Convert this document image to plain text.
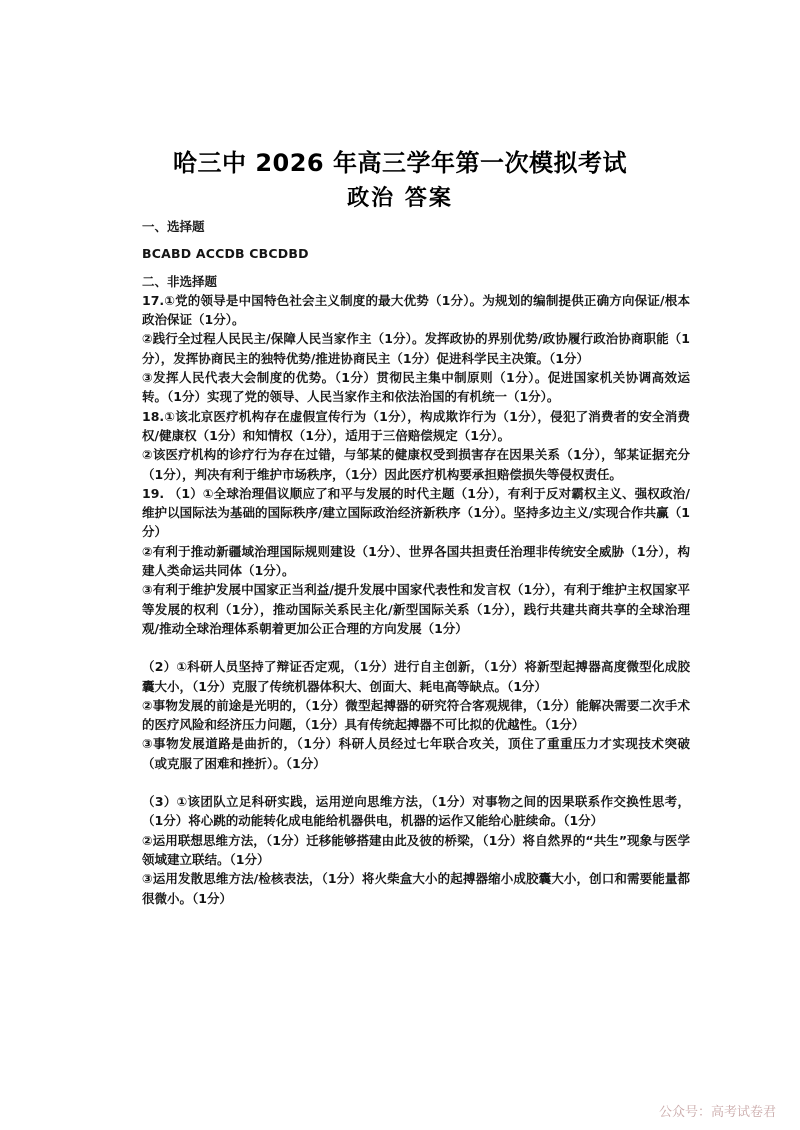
哈三中 2026 年高三学年第一次模拟考试
政治 答案

一、选择题

BCABD ACCDB CBCDBD

二、非选择题

17.①党的领导是中国特色社会主义制度的最大优势（1分）。为规划的编制提供正确方向保证/根本政治保证（1分）。

②践行全过程人民民主/保障人民当家作主（1分）。发挥政协的界别优势/政协履行政治协商职能（1分），发挥协商民主的独特优势/推进协商民主（1分）促进科学民主决策。（1分）

③发挥人民代表大会制度的优势。（1分）贯彻民主集中制原则（1分）。促进国家机关协调高效运转。（1分）实现了党的领导、人民当家作主和依法治国的有机统一（1分）。

18.①该北京医疗机构存在虚假宣传行为（1分），构成欺诈行为（1分），侵犯了消费者的安全消费权/健康权（1分）和知情权（1分），适用于三倍赔偿规定（1分）。

②该医疗机构的诊疗行为存在过错，与邹某的健康权受到损害存在因果关系（1分），邹某证据充分（1分），判决有利于维护市场秩序，（1分）因此医疗机构要承担赔偿损失等侵权责任。

19. （1）①全球治理倡议顺应了和平与发展的时代主题（1分），有利于反对霸权主义、强权政治/维护以国际法为基础的国际秩序/建立国际政治经济新秩序（1分）。坚持多边主义/实现合作共赢（1分）

②有利于推动新疆域治理国际规则建设（1分）、世界各国共担责任治理非传统安全威胁（1分），构建人类命运共同体（1分）。

③有利于维护发展中国家正当利益/提升发展中国家代表性和发言权（1分），有利于维护主权国家平等发展的权利（1分），推动国际关系民主化/新型国际关系（1分），践行共建共商共享的全球治理观/推动全球治理体系朝着更加公正合理的方向发展（1分）

（2）①科研人员坚持了辩证否定观，（1分）进行自主创新，（1分）将新型起搏器高度微型化成胶囊大小，（1分）克服了传统机器体积大、创面大、耗电高等缺点。（1分）

②事物发展的前途是光明的，（1分）微型起搏器的研究符合客观规律，（1分）能解决需要二次手术的医疗风险和经济压力问题，（1分）具有传统起搏器不可比拟的优越性。（1分）

③事物发展道路是曲折的，（1分）科研人员经过七年联合攻关，顶住了重重压力才实现技术突破（或克服了困难和挫折）。（1分）

（3）①该团队立足科研实践，运用逆向思维方法，（1分）对事物之间的因果联系作交换性思考，（1分）将心跳的动能转化成电能给机器供电，机器的运作又能给心脏续命。（1分）

②运用联想思维方法，（1分）迁移能够搭建由此及彼的桥梁，（1分）将自然界的“共生”现象与医学领域建立联结。（1分）

③运用发散思维方法/检核表法，（1分）将火柴盒大小的起搏器缩小成胶囊大小，创口和需要能量都很微小。（1分）

公众号：高考试卷君
